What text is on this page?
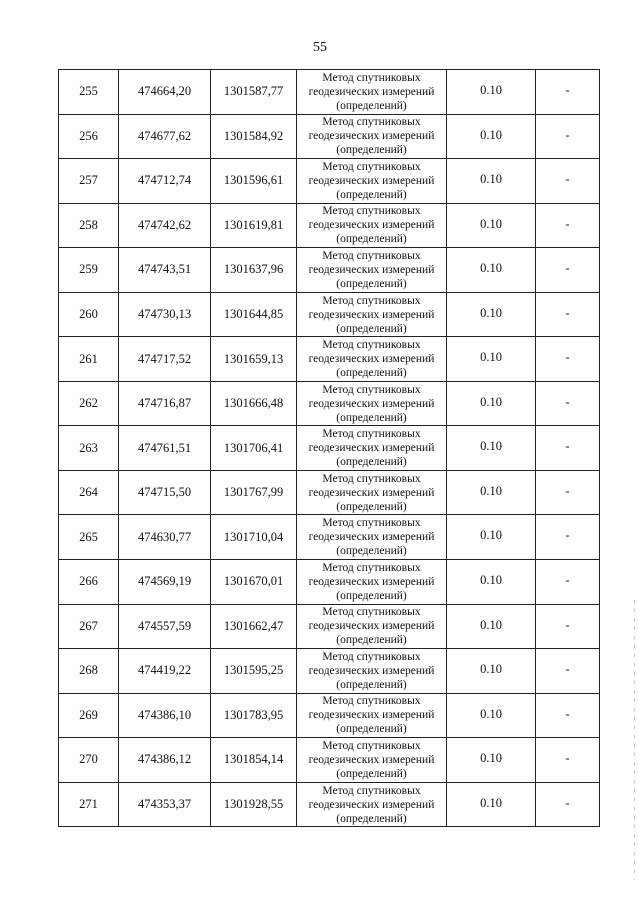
55
255	474664,20	1301587,77	Метод спутниковых
геодезических измерений
(определений)	0.10	-
256	474677,62	1301584,92	Метод спутниковых
геодезических измерений
(определений)	0.10	-
257	474712,74	1301596,61	Метод спутниковых
геодезических измерений
(определений)	0.10	-
258	474742,62	1301619,81	Метод спутниковых
геодезических измерений
(определений)	0.10	-
259	474743,51	1301637,96	Метод спутниковых
геодезических измерений
(определений)	0.10	-
260	474730,13	1301644,85	Метод спутниковых
геодезических измерений
(определений)	0.10	-
261	474717,52	1301659,13	Метод спутниковых
геодезических измерений
(определений)	0.10	-
262	474716,87	1301666,48	Метод спутниковых
геодезических измерений
(определений)	0.10	-
263	474761,51	1301706,41	Метод спутниковых
геодезических измерений
(определений)	0.10	-
264	474715,50	1301767,99	Метод спутниковых
геодезических измерений
(определений)	0.10	-
265	474630,77	1301710,04	Метод спутниковых
геодезических измерений
(определений)	0.10	-
266	474569,19	1301670,01	Метод спутниковых
геодезических измерений
(определений)	0.10	-
267	474557,59	1301662,47	Метод спутниковых
геодезических измерений
(определений)	0.10	-
268	474419,22	1301595,25	Метод спутниковых
геодезических измерений
(определений)	0.10	-
269	474386,10	1301783,95	Метод спутниковых
геодезических измерений
(определений)	0.10	-
270	474386,12	1301854,14	Метод спутниковых
геодезических измерений
(определений)	0.10	-
271	474353,37	1301928,55	Метод спутниковых
геодезических измерений
(определений)	0.10	-
